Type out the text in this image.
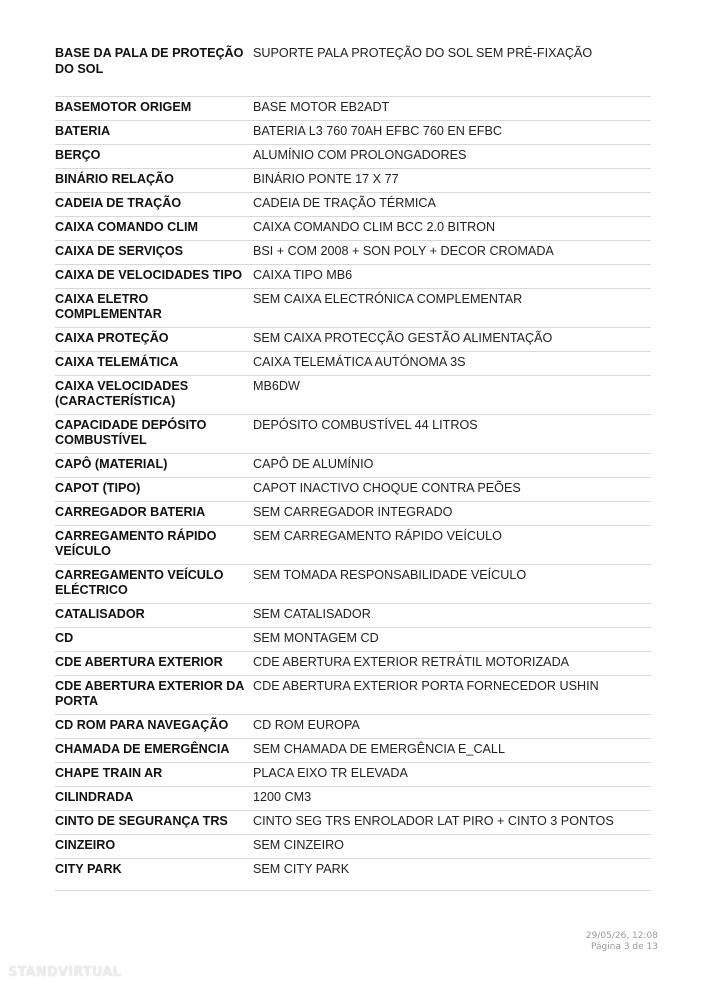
BASE DA PALA DE PROTEÇÃO DO SOL	SUPORTE PALA PROTEÇÃO DO SOL SEM PRÉ-FIXAÇÃO
BASEMOTOR ORIGEM	BASE MOTOR EB2ADT
BATERIA	BATERIA L3 760 70AH EFBC 760 EN EFBC
BERÇO	ALUMÍNIO COM PROLONGADORES
BINÁRIO RELAÇÃO	BINÁRIO PONTE 17 X 77
CADEIA DE TRAÇÃO	CADEIA DE TRAÇÃO TÉRMICA
CAIXA COMANDO CLIM	CAIXA COMANDO CLIM BCC 2.0 BITRON
CAIXA DE SERVIÇOS	BSI + COM 2008 + SON POLY + DECOR CROMADA
CAIXA DE VELOCIDADES TIPO	CAIXA TIPO MB6
CAIXA ELETRO COMPLEMENTAR	SEM CAIXA ELECTRÓNICA COMPLEMENTAR
CAIXA PROTEÇÃO	SEM CAIXA PROTECÇÃO GESTÃO ALIMENTAÇÃO
CAIXA TELEMÁTICA	CAIXA TELEMÁTICA AUTÓNOMA 3S
CAIXA VELOCIDADES (CARACTERÍSTICA)	MB6DW
CAPACIDADE DEPÓSITO COMBUSTÍVEL	DEPÓSITO COMBUSTÍVEL 44 LITROS
CAPÔ (MATERIAL)	CAPÔ DE ALUMÍNIO
CAPOT (TIPO)	CAPOT INACTIVO CHOQUE CONTRA PEÕES
CARREGADOR BATERIA	SEM CARREGADOR INTEGRADO
CARREGAMENTO RÁPIDO VEÍCULO	SEM CARREGAMENTO RÁPIDO VEÍCULO
CARREGAMENTO VEÍCULO ELÉCTRICO	SEM TOMADA RESPONSABILIDADE VEÍCULO
CATALISADOR	SEM CATALISADOR
CD	SEM MONTAGEM CD
CDE ABERTURA EXTERIOR	CDE ABERTURA EXTERIOR RETRÁTIL MOTORIZADA
CDE ABERTURA EXTERIOR DA PORTA	CDE ABERTURA EXTERIOR PORTA FORNECEDOR USHIN
CD ROM PARA NAVEGAÇÃO	CD ROM EUROPA
CHAMADA DE EMERGÊNCIA	SEM CHAMADA DE EMERGÊNCIA E_CALL
CHAPE TRAIN AR	PLACA EIXO TR ELEVADA
CILINDRADA	1200 CM3
CINTO DE SEGURANÇA TRS	CINTO SEG TRS ENROLADOR LAT PIRO + CINTO 3 PONTOS
CINZEIRO	SEM CINZEIRO
CITY PARK	SEM CITY PARK
29/05/26, 12:08
Página 3 de 13
STANDVIRTUAL
